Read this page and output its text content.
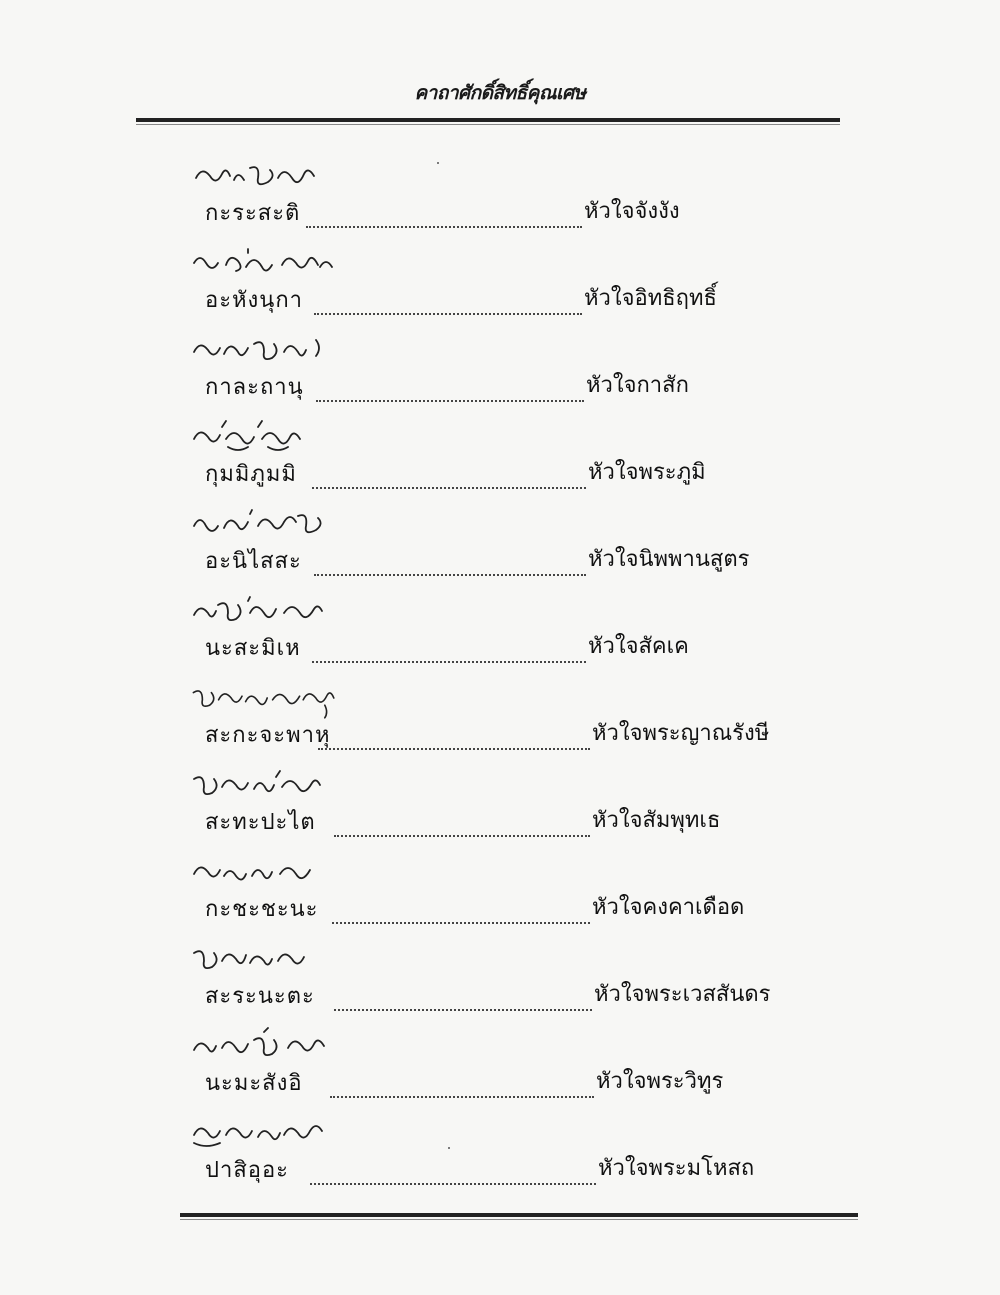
คาถาศักดิ์สิทธิ์คุณเศษ
กะระสะติ	หัวใจจังงัง
อะหังนุกา	หัวใจอิทธิฤทธิ์
กาละถานุ	หัวใจกาสัก
กุมมิภูมมิ	หัวใจพระภูมิ
อะนิไสสะ	หัวใจนิพพานสูตร
นะสะมิเห	หัวใจสัคเค
สะกะจะพาหุ	หัวใจพระญาณรังษี
สะทะปะไต	หัวใจสัมพุทเธ
กะชะชะนะ	หัวใจคงคาเดือด
สะระนะตะ	หัวใจพระเวสสันดร
นะมะสังอิ	หัวใจพระวิทูร
ปาสิอุอะ	หัวใจพระมโหสถ
